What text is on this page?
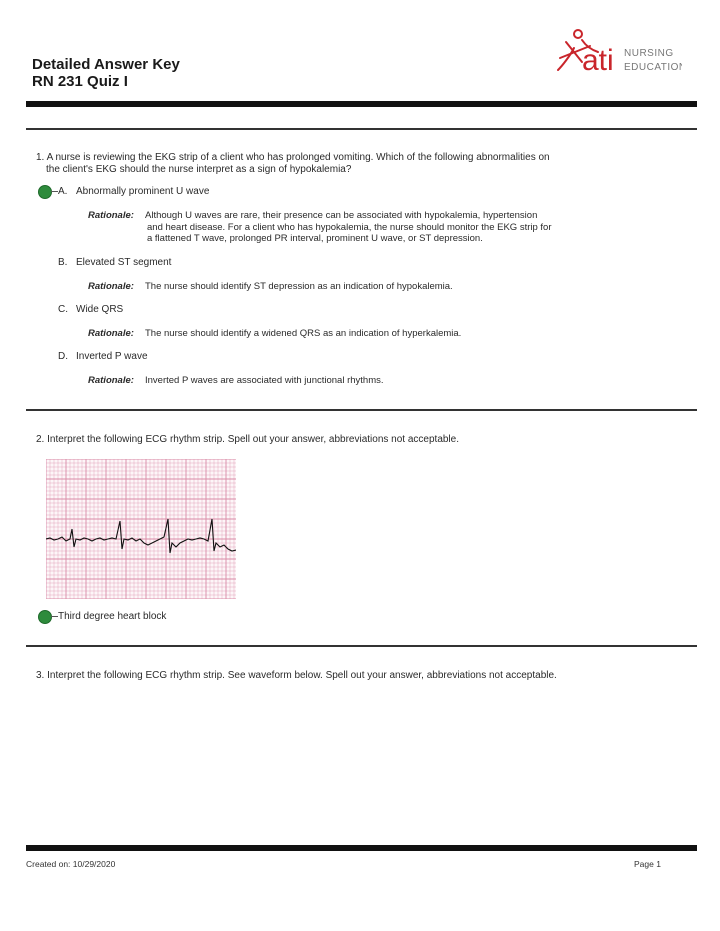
Detailed Answer Key
RN 231 Quiz I
ati NURSING
EDUCATION
1. A nurse is reviewing the EKG strip of a client who has prolonged vomiting. Which of the following abnormalities on
the client's EKG should the nurse interpret as a sign of hypokalemia?
A. Abnormally prominent U wave
Rationale: Although U waves are rare, their presence can be associated with hypokalemia, hypertension
and heart disease. For a client who has hypokalemia, the nurse should monitor the EKG strip for
a flattened T wave, prolonged PR interval, prominent U wave, or ST depression.
B. Elevated ST segment
Rationale: The nurse should identify ST depression as an indication of hypokalemia.
C. Wide QRS
Rationale: The nurse should identify a widened QRS as an indication of hyperkalemia.
D. Inverted P wave
Rationale: Inverted P waves are associated with junctional rhythms.
2. Interpret the following ECG rhythm strip. Spell out your answer, abbreviations not acceptable.
Third degree heart block
3. Interpret the following ECG rhythm strip. See waveform below. Spell out your answer, abbreviations not acceptable.
Created on: 10/29/2020	Page 1
